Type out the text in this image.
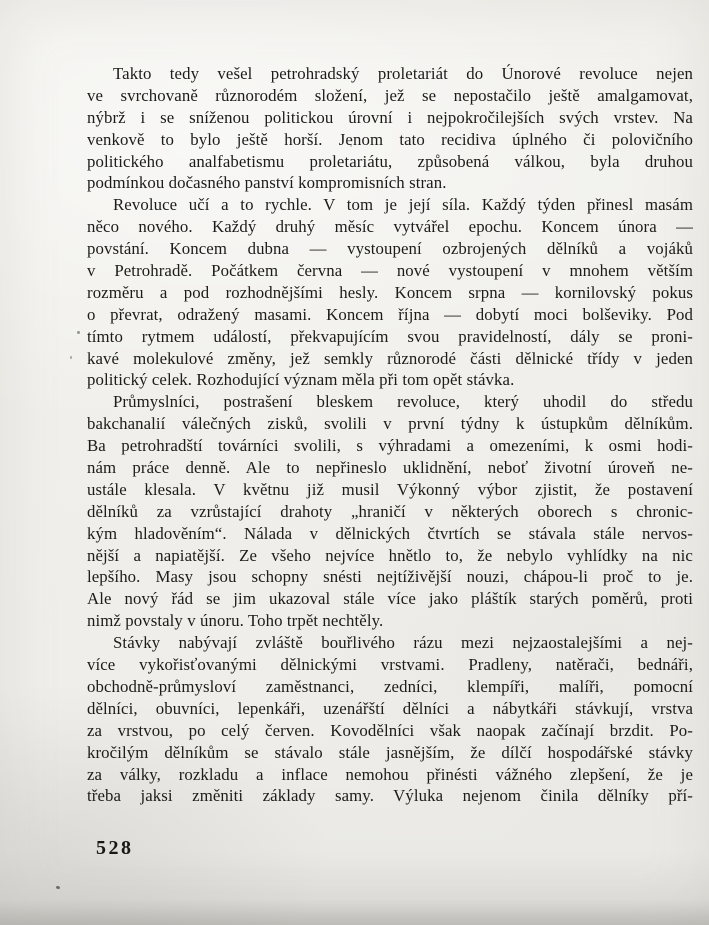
Takto tedy vešel petrohradský proletariát do Únorové revoluce nejen
ve svrchovaně různorodém složení, jež se nepostačilo ještě amalgamovat,
nýbrž i se sníženou politickou úrovní i nejpokročilejších svých vrstev. Na
venkově to bylo ještě horší. Jenom tato recidiva úplného či polovičního
politického analfabetismu proletariátu, způsobená válkou, byla druhou
podmínkou dočasného panství kompromisních stran.
Revoluce učí a to rychle. V tom je její síla. Každý týden přinesl masám
něco nového. Každý druhý měsíc vytvářel epochu. Koncem února —
povstání. Koncem dubna — vystoupení ozbrojených dělníků a vojáků
v Petrohradě. Počátkem června — nové vystoupení v mnohem větším
rozměru a pod rozhodnějšími hesly. Koncem srpna — kornilovský pokus
o převrat, odražený masami. Koncem října — dobytí moci bolševiky. Pod
tímto rytmem událostí, překvapujícím svou pravidelností, dály se proni-
kavé molekulové změny, jež semkly různorodé části dělnické třídy v jeden
politický celek. Rozhodující význam měla při tom opět stávka.
Průmyslníci, postrašení bleskem revoluce, který uhodil do středu
bakchanalií válečných zisků, svolili v první týdny k ústupkům dělníkům.
Ba petrohradští továrníci svolili, s výhradami a omezeními, k osmi hodi-
nám práce denně. Ale to nepřineslo uklidnění, neboť životní úroveň ne-
ustále klesala. V květnu již musil Výkonný výbor zjistit, že postavení
dělníků za vzrůstající drahoty „hraničí v některých oborech s chronic-
kým hladověním“. Nálada v dělnických čtvrtích se stávala stále nervos-
nější a napiatější. Ze všeho nejvíce hnětlo to, že nebylo vyhlídky na nic
lepšího. Masy jsou schopny snésti nejtíživější nouzi, chápou-li proč to je.
Ale nový řád se jim ukazoval stále více jako pláštík starých poměrů, proti
nimž povstaly v únoru. Toho trpět nechtěly.
Stávky nabývají zvláště bouřlivého rázu mezi nejzaostalejšími a nej-
více vykořisťovanými dělnickými vrstvami. Pradleny, natěrači, bednáři,
obchodně-průmysloví zaměstnanci, zedníci, klempíři, malíři, pomocní
dělníci, obuvníci, lepenkáři, uzenářští dělníci a nábytkáři stávkují, vrstva
za vrstvou, po celý červen. Kovodělníci však naopak začínají brzdit. Po-
kročilým dělníkům se stávalo stále jasnějším, že dílčí hospodářské stávky
za války, rozkladu a inflace nemohou přinésti vážného zlepšení, že je
třeba jaksi změniti základy samy. Výluka nejenom činila dělníky pří-
528
